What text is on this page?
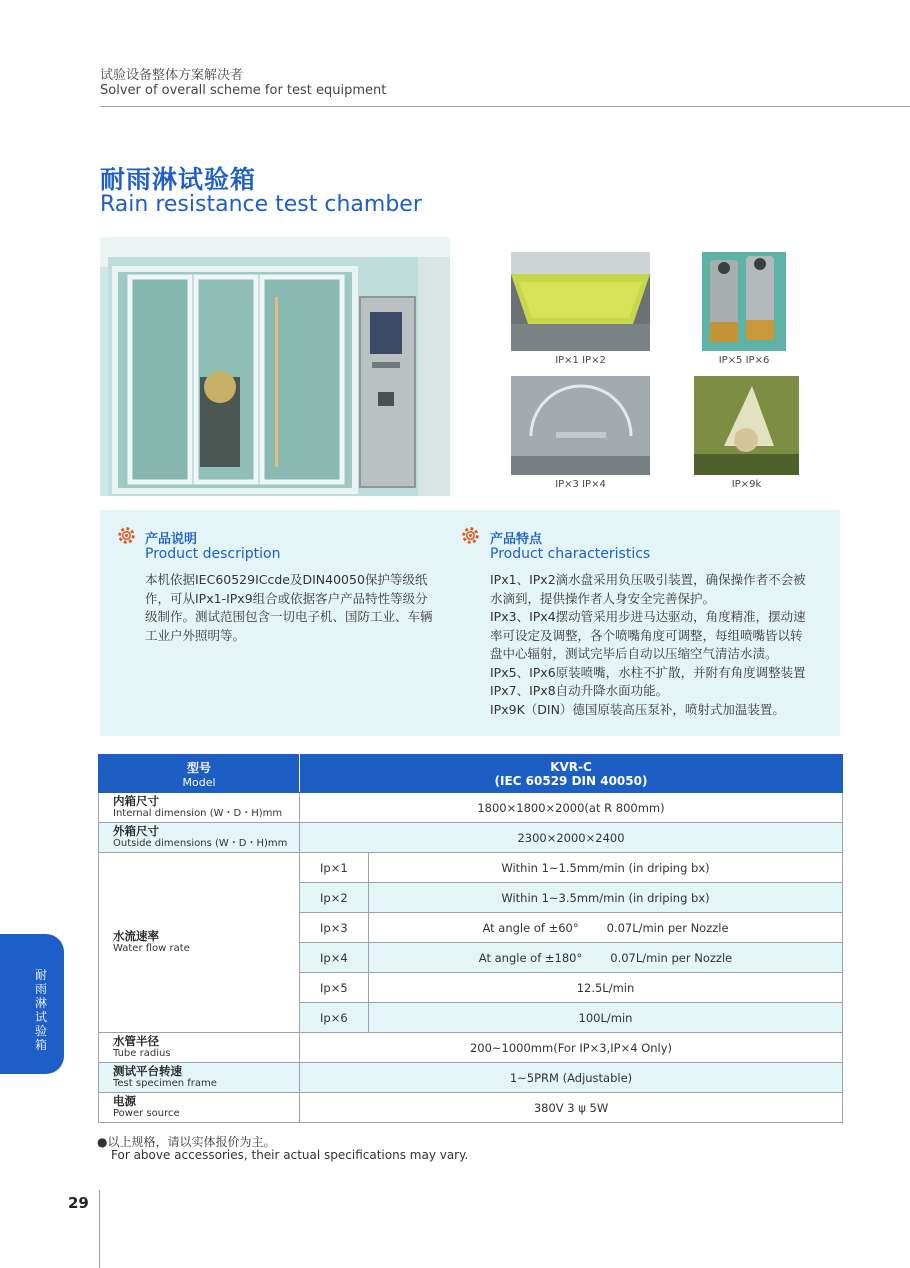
试验设备整体方案解决者
Solver of overall scheme for test equipment
耐雨淋试验箱
Rain resistance test chamber
IP×1 IP×2	IP×5 IP×6
IP×3 IP×4	IP×9k
产品说明
Product description
本机依据IEC60529ICcde及DIN40050保护等级纸
作，可从IPx1-IPx9组合或依据客户产品特性等级分
级制作。测试范围包含一切电子机、国防工业、车辆
工业户外照明等。
产品特点
Product characteristics
IPx1、IPx2滴水盘采用负压吸引装置，确保操作者不会被
水滴到，提供操作者人身安全完善保护。
IPx3、IPx4摆动管采用步进马达驱动，角度精准，摆动速
率可设定及调整，各个喷嘴角度可调整，每组喷嘴皆以转
盘中心辐射，测试完毕后自动以压缩空气清洁水渍。
IPx5、IPx6原装喷嘴，水柱不扩散，并附有角度调整装置
IPx7、IPx8自动升降水面功能。
IPx9K（DIN）德国原装高压泵补，喷射式加温装置。
型号
Model	KVR-C
(IEC 60529 DIN 40050)	

内箱尺寸
Internal dimension (W・D・H)mm	1800×1800×2000(at R 800mm)	

外箱尺寸
Outside dimensions (W・D・H)mm	2300×2000×2400	

水流速率
Water flow rate	Ip×1	Within 1~1.5mm/min (in driping bx)
	Ip×2	Within 1~3.5mm/min (in driping bx)
	Ip×3	At angle of ±60° 0.07L/min per Nozzle
	Ip×4	At angle of ±180° 0.07L/min per Nozzle
	Ip×5	12.5L/min
	Ip×6	100L/min

水管半径
Tube radius	200~1000mm(For IP×3,IP×4 Only)	

测试平台转速
Test specimen frame	1~5PRM (Adjustable)	

电源
Power source	380V 3 ψ 5W	
●以上规格，请以实体报价为主。
For above accessories, their actual specifications may vary.
耐雨淋试验箱
29
